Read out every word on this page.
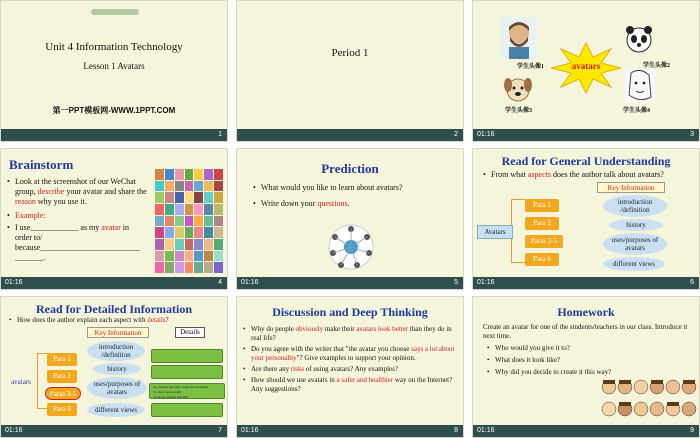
Unit 4 Information Technology
Lesson 1 Avatars
第一PPT模板网-WWW.1PPT.COM
1
Period 1
2
avatars
学生头像1	学生头像2
学生头像3	学生头像4
01:16	3
Brainstorm
• Look at the screenshot of our WeChat group, describe your avatar and share the reason why you use it.
• Example:
• I use____________ as my avatar in order to/
because_________________________
_______.
01:16	4
Prediction
• What would you like to learn about avatars?
• Write down your questions.
01:16	5
Read for General Understanding
• From what aspects does the author talk about avatars?
Key Information
Avatars
Para 1
Para 2
Paras 3-5
Para 6
introduction /definition
history
uses/purposes of avatars
different views
01:16	6
Read for Detailed Information
• How does the author explain each aspect with details?
Key Information	Details
avatars
Para 1
Para 2
Paras 3-5
Para 6
introduction /definition
history
uses/purposes of avatars
different views
To express and give room for creativity
To show personality
To move around and talk
01:16	7
Discussion and Deep Thinking
• Why do people obviously make their avatars look better than they do in real life?
• Do you agree with the writer that "the avatar you choose says a lot about your personality"? Give examples to support your opinion.
• Are there any risks of using avatars? Any examples?
• How should we use avatars in a safer and healthier way on the Internet? Any suggestions?
01:16	8
Homework
Create an avatar for one of the students/teachers in our class. Introduce it next time.
• Who would you give it to?
• What does it look like?
• Why did you decide to create it this way?
01:16	9
